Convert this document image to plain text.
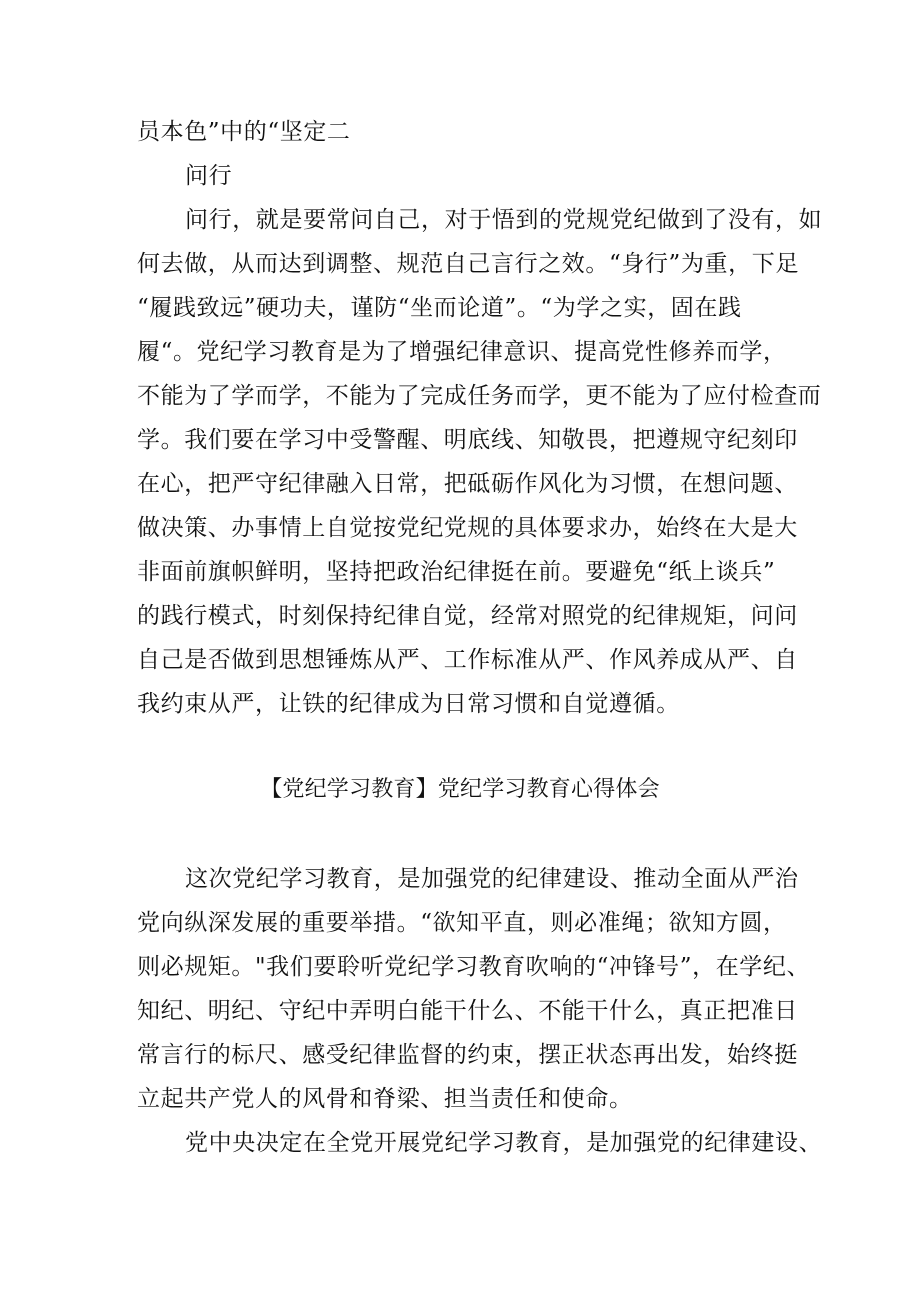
员本色”中的“坚定二
问行
问行，就是要常问自己，对于悟到的党规党纪做到了没有，如
何去做，从而达到调整、规范自己言行之效。“身行”为重，下足
“履践致远”硬功夫，谨防“坐而论道”。“为学之实，固在践
履“。党纪学习教育是为了增强纪律意识、提高党性修养而学，
不能为了学而学，不能为了完成任务而学，更不能为了应付检查而
学。我们要在学习中受警醒、明底线、知敬畏，把遵规守纪刻印
在心，把严守纪律融入日常，把砥砺作风化为习惯，在想问题、
做决策、办事情上自觉按党纪党规的具体要求办，始终在大是大
非面前旗帜鲜明，坚持把政治纪律挺在前。要避免“纸上谈兵”
的践行模式，时刻保持纪律自觉，经常对照党的纪律规矩，问问
自己是否做到思想锤炼从严、工作标准从严、作风养成从严、自
我约束从严，让铁的纪律成为日常习惯和自觉遵循。
【党纪学习教育】党纪学习教育心得体会
这次党纪学习教育，是加强党的纪律建设、推动全面从严治
党向纵深发展的重要举措。“欲知平直，则必准绳；欲知方圆，
则必规矩。"我们要聆听党纪学习教育吹响的“冲锋号”，在学纪、
知纪、明纪、守纪中弄明白能干什么、不能干什么，真正把准日
常言行的标尺、感受纪律监督的约束，摆正状态再出发，始终挺
立起共产党人的风骨和脊梁、担当责任和使命。
党中央决定在全党开展党纪学习教育，是加强党的纪律建设、
